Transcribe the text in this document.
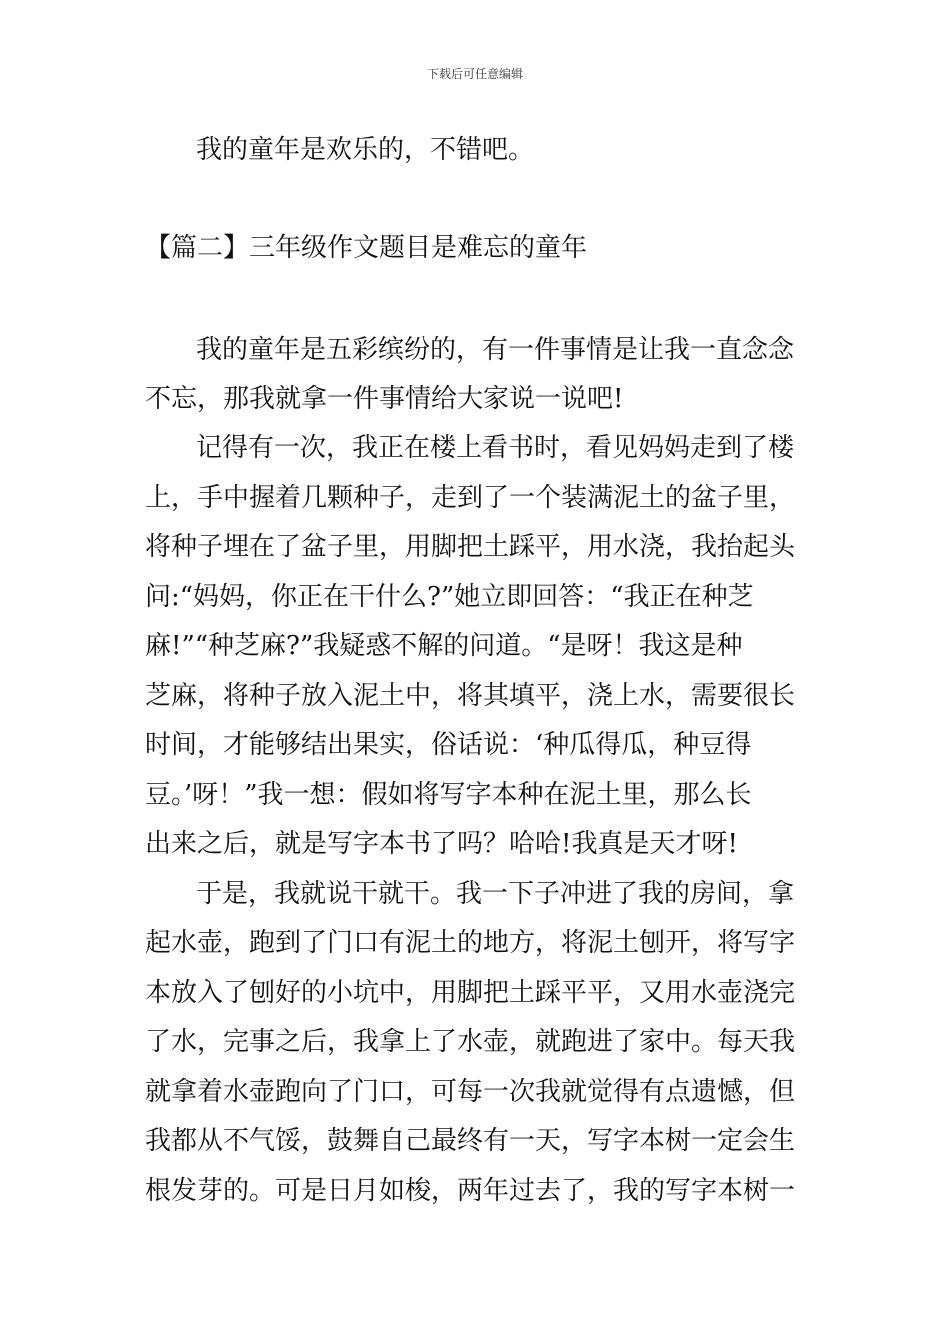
下载后可任意编辑
我的童年是欢乐的，不错吧。
【篇二】三年级作文题目是难忘的童年
我的童年是五彩缤纷的，有一件事情是让我一直念念
不忘，那我就拿一件事情给大家说一说吧!
记得有一次，我正在楼上看书时，看见妈妈走到了楼
上，手中握着几颗种子，走到了一个装满泥土的盆子里，
将种子埋在了盆子里，用脚把土踩平，用水浇，我抬起头
问:“妈妈，你正在干什么?”她立即回答：“我正在种芝
麻!”“种芝麻?”我疑惑不解的问道。“是呀！我这是种
芝麻，将种子放入泥土中，将其填平，浇上水，需要很长
时间，才能够结出果实，俗话说：‘种瓜得瓜，种豆得
豆。’呀！”我一想：假如将写字本种在泥土里，那么长
出来之后，就是写字本书了吗？哈哈!我真是天才呀!
于是，我就说干就干。我一下子冲进了我的房间，拿
起水壶，跑到了门口有泥土的地方，将泥土刨开，将写字
本放入了刨好的小坑中，用脚把土踩平平，又用水壶浇完
了水，完事之后，我拿上了水壶，就跑进了家中。每天我
就拿着水壶跑向了门口，可每一次我就觉得有点遗憾，但
我都从不气馁，鼓舞自己最终有一天，写字本树一定会生
根发芽的。可是日月如梭，两年过去了，我的写字本树一
